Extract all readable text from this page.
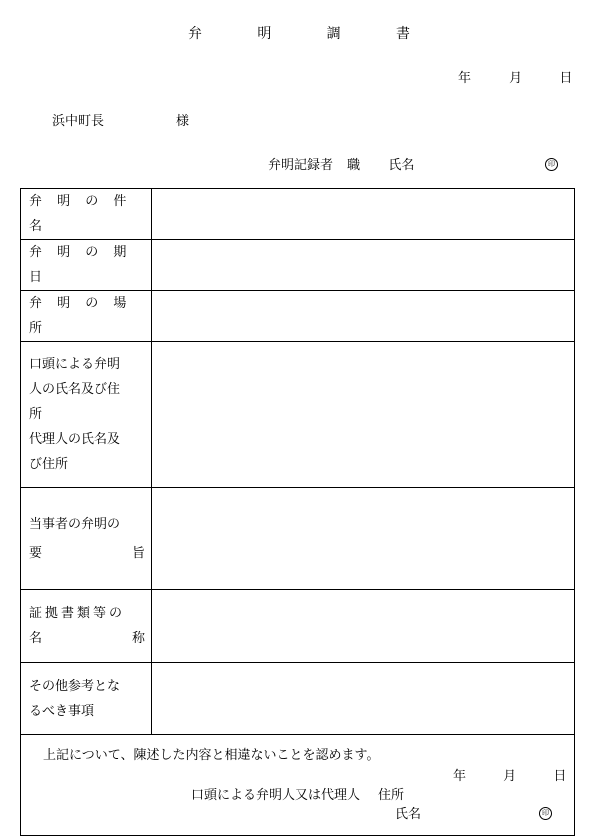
弁	明	調	書
年	月	日
浜中町長	様
弁明記録者 職 氏名	印
弁 明 の 件 名	
弁 明 の 期 日	
弁 明 の 場 所	

口頭による弁明
人の氏名及び住
所
代理人の氏名及
び住所	

当事者の弁明の
要 旨	

証拠書類等の
名 称	

その他参考とな
るべき事項	

上記について、陳述した内容と相違ないことを認めます。
年 月 日
口頭による弁明人又は代理人 住所
氏名 印	
